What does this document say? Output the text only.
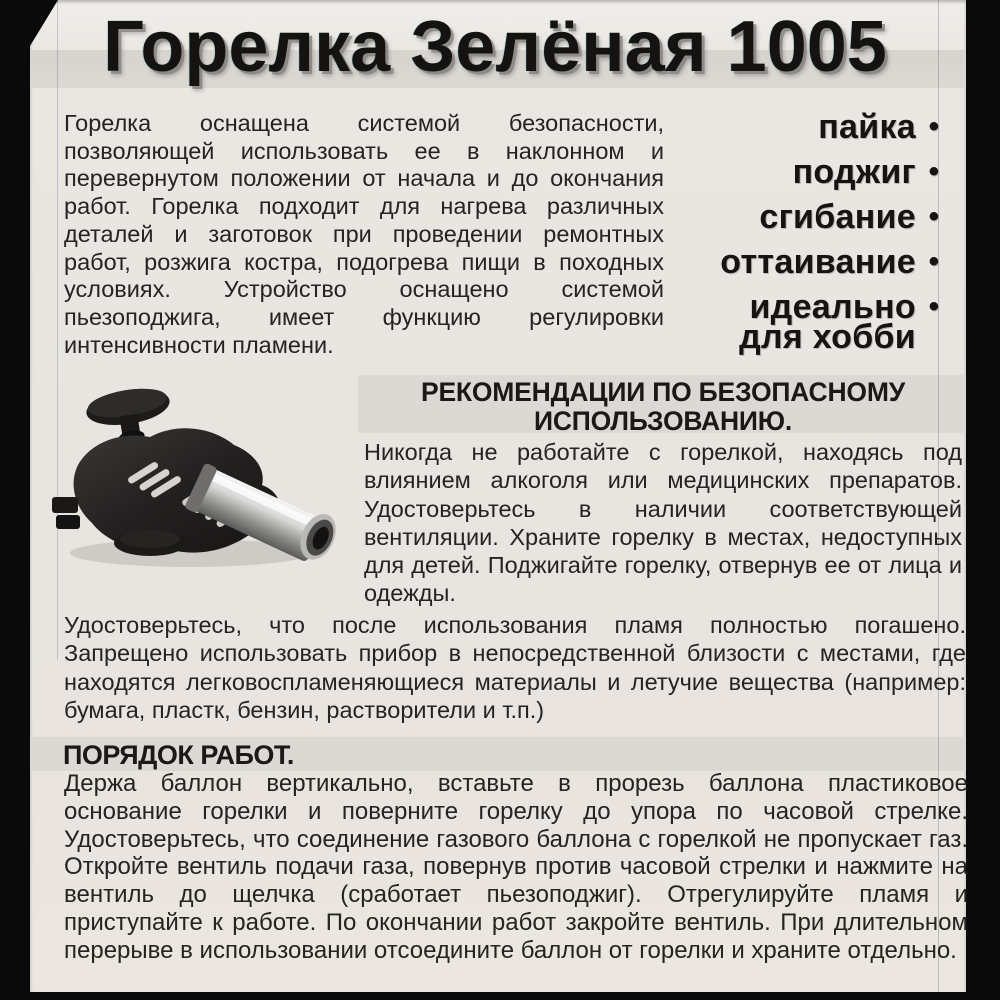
Горелка Зелёная 1005
Горелка оснащена системой безопасности, позволяющей использовать ее в наклонном и перевернутом положении от начала и до окончания работ. Горелка подходит для нагрева различных деталей и заготовок при проведении ремонтных работ, розжига костра, подогрева пищи в походных условиях. Устройство оснащено системой пьезоподжига, имеет функцию регулировки интенсивности пламени.
пайка •
поджиг •
сгибание •
оттаивание •
идеально •
для хобби
РЕКОМЕНДАЦИИ ПО БЕЗОПАСНОМУ ИСПОЛЬЗОВАНИЮ.
Никогда не работайте с горелкой, находясь под влиянием алкоголя или медицинских препаратов. Удостоверьтесь в наличии соответствующей вентиляции. Храните горелку в местах, недоступных для детей. Поджигайте горелку, отвернув ее от лица и одежды.
Удостоверьтесь, что после использования пламя полностью погашено. Запрещено использовать прибор в непосредственной близости с местами, где находятся легковоспламеняющиеся материалы и летучие вещества (например: бумага, пластк, бензин, растворители и т.п.)
ПОРЯДОК РАБОТ.
Держа баллон вертикально, вставьте в прорезь баллона пластиковое основание горелки и поверните горелку до упора по часовой стрелке. Удостоверьтесь, что соединение газового баллона с горелкой не пропускает газ. Откройте вентиль подачи газа, повернув против часовой стрелки и нажмите на вентиль до щелчка (сработает пьезоподжиг). Отрегулируйте пламя и приступайте к работе. По окончании работ закройте вентиль. При длительном перерыве в использовании отсоедините баллон от горелки и храните отдельно.
